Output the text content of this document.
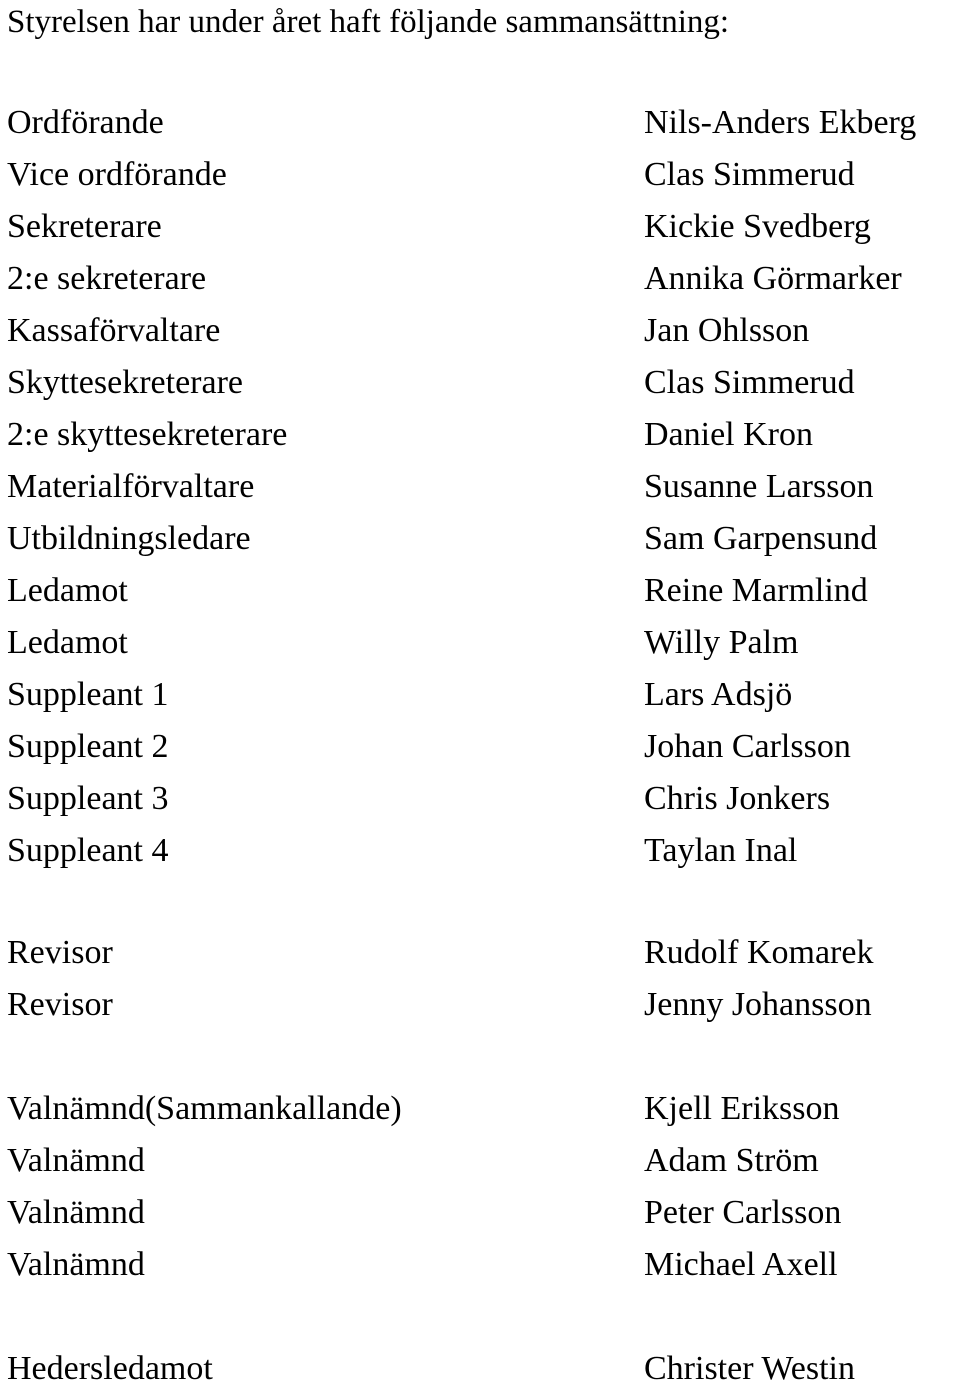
Styrelsen har under året haft följande sammansättning:
Ordförande	Nils-Anders Ekberg
Vice ordförande	Clas Simmerud
Sekreterare	Kickie Svedberg
2:e sekreterare	Annika Görmarker
Kassaförvaltare	Jan Ohlsson
Skyttesekreterare	Clas Simmerud
2:e skyttesekreterare	Daniel Kron
Materialförvaltare	Susanne Larsson
Utbildningsledare	Sam Garpensund
Ledamot	Reine Marmlind
Ledamot	Willy Palm
Suppleant 1	Lars Adsjö
Suppleant 2	Johan Carlsson
Suppleant 3	Chris Jonkers
Suppleant 4	Taylan Inal
Revisor	Rudolf Komarek
Revisor	Jenny Johansson
Valnämnd(Sammankallande)	Kjell Eriksson
Valnämnd	Adam Ström
Valnämnd	Peter Carlsson
Valnämnd	Michael Axell
Hedersledamot	Christer Westin
